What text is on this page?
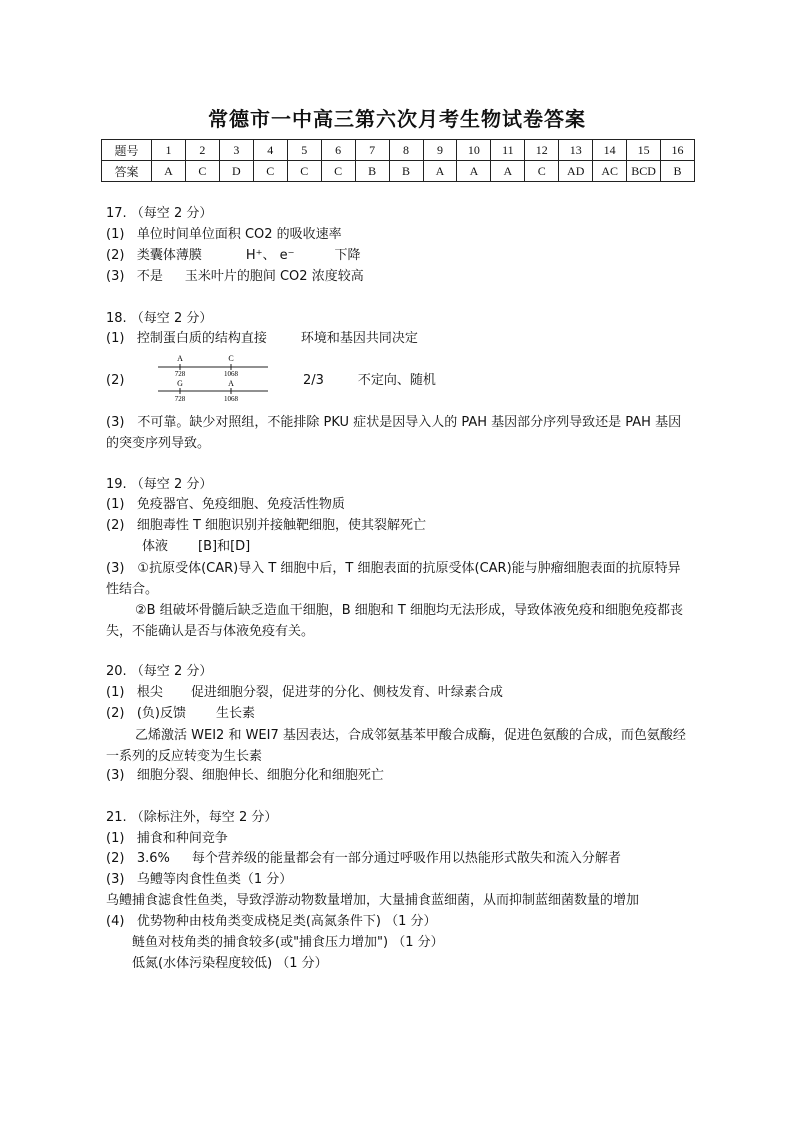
常德市一中高三第六次月考生物试卷答案
题号	1	2	3	4	5	6	7	8	9	10	11	12	13	14	15	16
答案	A	C	D	C	C	C	B	B	A	A	A	C	AD	AC	BCD	B
17. （每空 2 分）
(1) 单位时间单位面积 CO2 的吸收速率
(2) 类囊体薄膜	H⁺、 e⁻	下降
(3) 不是 玉米叶片的胞间 CO2 浓度较高
18. （每空 2 分）
(1) 控制蛋白质的结构直接	环境和基因共同决定
(2)
A	C
728	1068
G	A
728	1068
2/3	不定向、随机
(3)　不可靠。缺少对照组，不能排除 PKU 症状是因导入人的 PAH 基因部分序列导致还是 PAH 基因的突变序列导致。
19. （每空 2 分）
(1) 免疫器官、免疫细胞、免疫活性物质
(2) 细胞毒性 T 细胞识别并接触靶细胞，使其裂解死亡
体液 [B]和[D]
(3)　①抗原受体(CAR)导入 T 细胞中后，T 细胞表面的抗原受体(CAR)能与肿瘤细胞表面的抗原特异性结合。
②B 组破坏骨髓后缺乏造血干细胞，B 细胞和 T 细胞均无法形成，导致体液免疫和细胞免疫都丧失，不能确认是否与体液免疫有关。
20. （每空 2 分）
(1) 根尖 促进细胞分裂，促进芽的分化、侧枝发育、叶绿素合成
(2) (负)反馈 生长素
乙烯激活 WEI2 和 WEI7 基因表达，合成邻氨基苯甲酸合成酶，促进色氨酸的合成，而色氨酸经一系列的反应转变为生长素
(3) 细胞分裂、细胞伸长、细胞分化和细胞死亡
21. （除标注外，每空 2 分）
(1) 捕食和种间竞争
(2) 3.6% 每个营养级的能量都会有一部分通过呼吸作用以热能形式散失和流入分解者
(3) 乌鳢等肉食性鱼类（1 分）
乌鳢捕食滤食性鱼类，导致浮游动物数量增加，大量捕食蓝细菌，从而抑制蓝细菌数量的增加
(4) 优势物种由枝角类变成桡足类(高氮条件下) （1 分）
鲢鱼对枝角类的捕食较多(或"捕食压力增加") （1 分）
低氮(水体污染程度较低) （1 分）
